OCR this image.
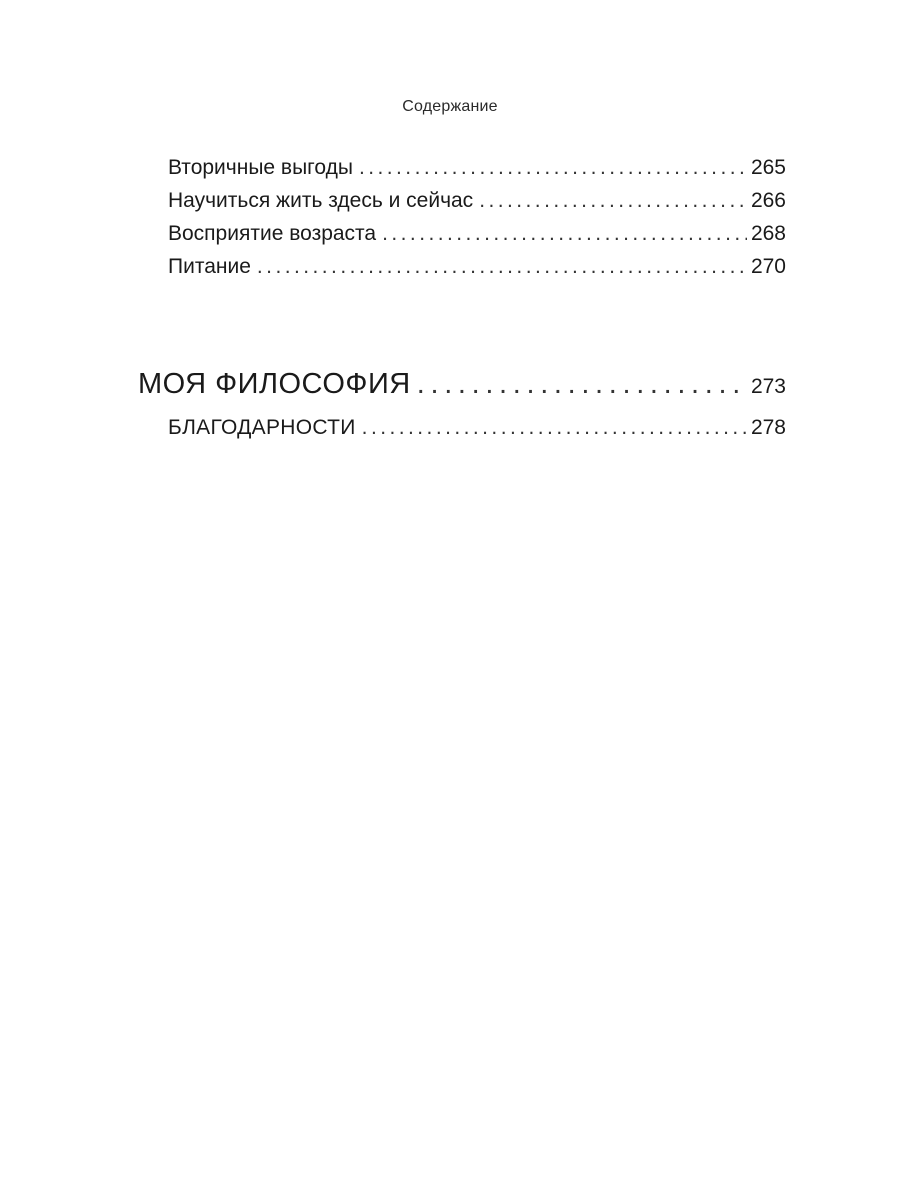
Содержание
Вторичные выгоды . . .	265
Научиться жить здесь и сейчас . . .	266
Восприятие возраста . . .	268
Питание . . .	270
МОЯ ФИЛОСОФИЯ . . .	273
БЛАГОДАРНОСТИ . . .	278
